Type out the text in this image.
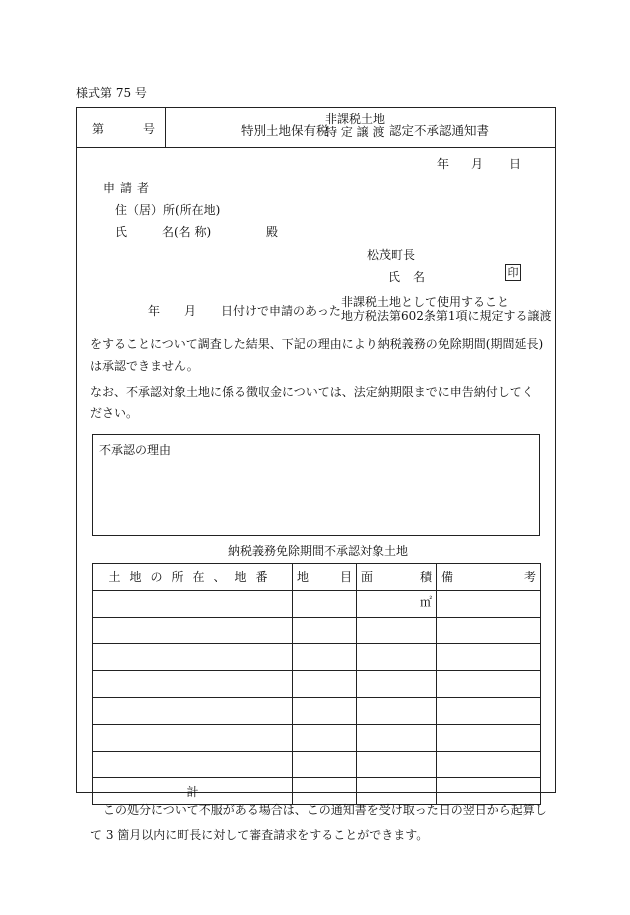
様式第 75 号
第	号	特別土地保有税
非課税土地
特 定 譲 渡 認定不承認通知書
年 月 日
申請者
住（居）所(所在地)
氏	名(名 称)	殿
松茂町長
氏 名	印
年 月 日付けで申請のあった
非課税土地として使用すること
地方税法第602条第1項に規定する譲渡
をすることについて調査した結果、下記の理由により納税義務の免除期間(期間延長)
は承認できません。
なお、不承認対象土地に係る徴収金については、法定納期限までに申告納付してく
ださい。
不承認の理由
納税義務免除期間不承認対象土地
土地の所在、地番	地 目	面 積	備 考

		㎡	

計			
この処分について不服がある場合は、この通知書を受け取った日の翌日から起算し
て 3 箇月以内に町長に対して審査請求をすることができます。
